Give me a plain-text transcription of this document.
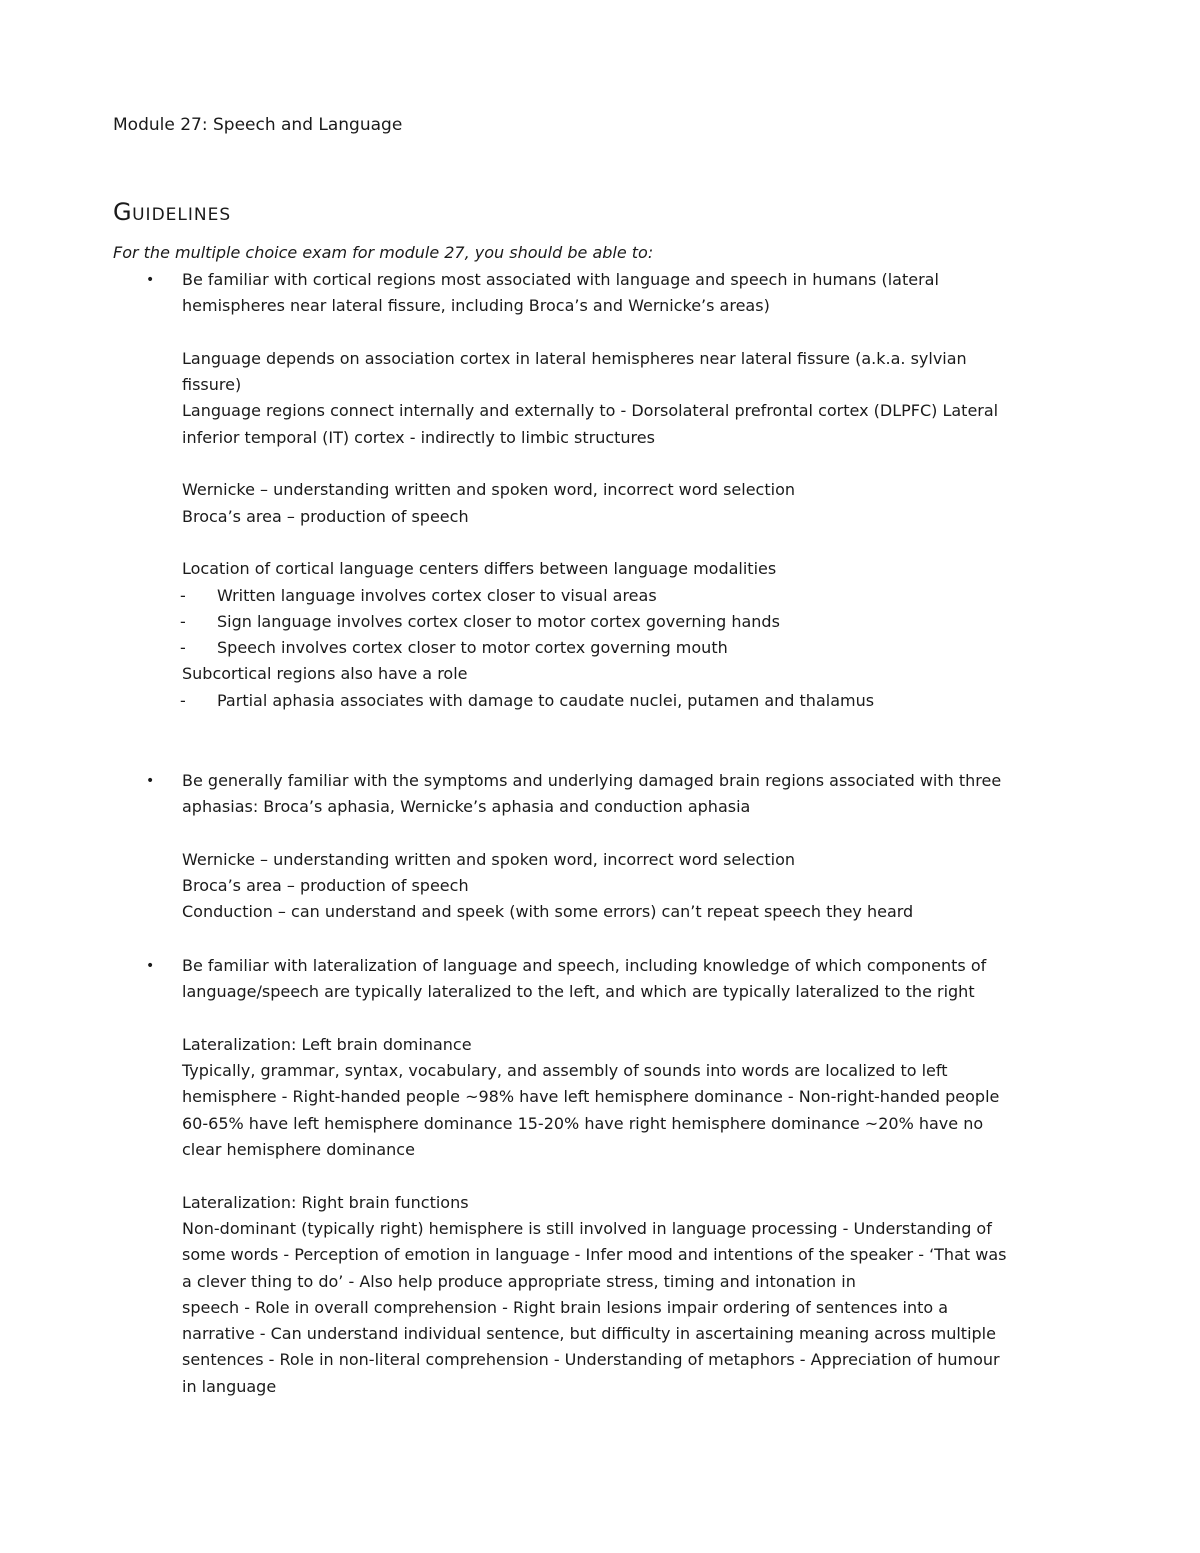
Module 27: Speech and Language
GUIDELINES
For the multiple choice exam for module 27, you should be able to:
•	Be familiar with cortical regions most associated with language and speech in humans (lateral

hemispheres near lateral fissure, including Broca’s and Wernicke’s areas)

Language depends on association cortex in lateral hemispheres near lateral fissure (a.k.a. sylvian

fissure)

Language regions connect internally and externally to - Dorsolateral prefrontal cortex (DLPFC) Lateral

inferior temporal (IT) cortex - indirectly to limbic structures

Wernicke – understanding written and spoken word, incorrect word selection

Broca’s area – production of speech

Location of cortical language centers differs between language modalities

-	Written language involves cortex closer to visual areas
-	Sign language involves cortex closer to motor cortex governing hands
-	Speech involves cortex closer to motor cortex governing mouth

Subcortical regions also have a role

-	Partial aphasia associates with damage to caudate nuclei, putamen and thalamus
•	Be generally familiar with the symptoms and underlying damaged brain regions associated with three

aphasias: Broca’s aphasia, Wernicke’s aphasia and conduction aphasia

Wernicke – understanding written and spoken word, incorrect word selection

Broca’s area – production of speech

Conduction – can understand and speek (with some errors) can’t repeat speech they heard

•	Be familiar with lateralization of language and speech, including knowledge of which components of

language/speech are typically lateralized to the left, and which are typically lateralized to the right

Lateralization: Left brain dominance

Typically, grammar, syntax, vocabulary, and assembly of sounds into words are localized to left

hemisphere - Right-handed people ~98% have left hemisphere dominance - Non-right-handed people

60-65% have left hemisphere dominance 15-20% have right hemisphere dominance ~20% have no

clear hemisphere dominance

Lateralization: Right brain functions

Non-dominant (typically right) hemisphere is still involved in language processing - Understanding of

some words - Perception of emotion in language - Infer mood and intentions of the speaker - ‘That was

a clever thing to do’ - Also help produce appropriate stress, timing and intonation in

speech - Role in overall comprehension - Right brain lesions impair ordering of sentences into a

narrative - Can understand individual sentence, but difficulty in ascertaining meaning across multiple

sentences - Role in non-literal comprehension - Understanding of metaphors - Appreciation of humour

in language
